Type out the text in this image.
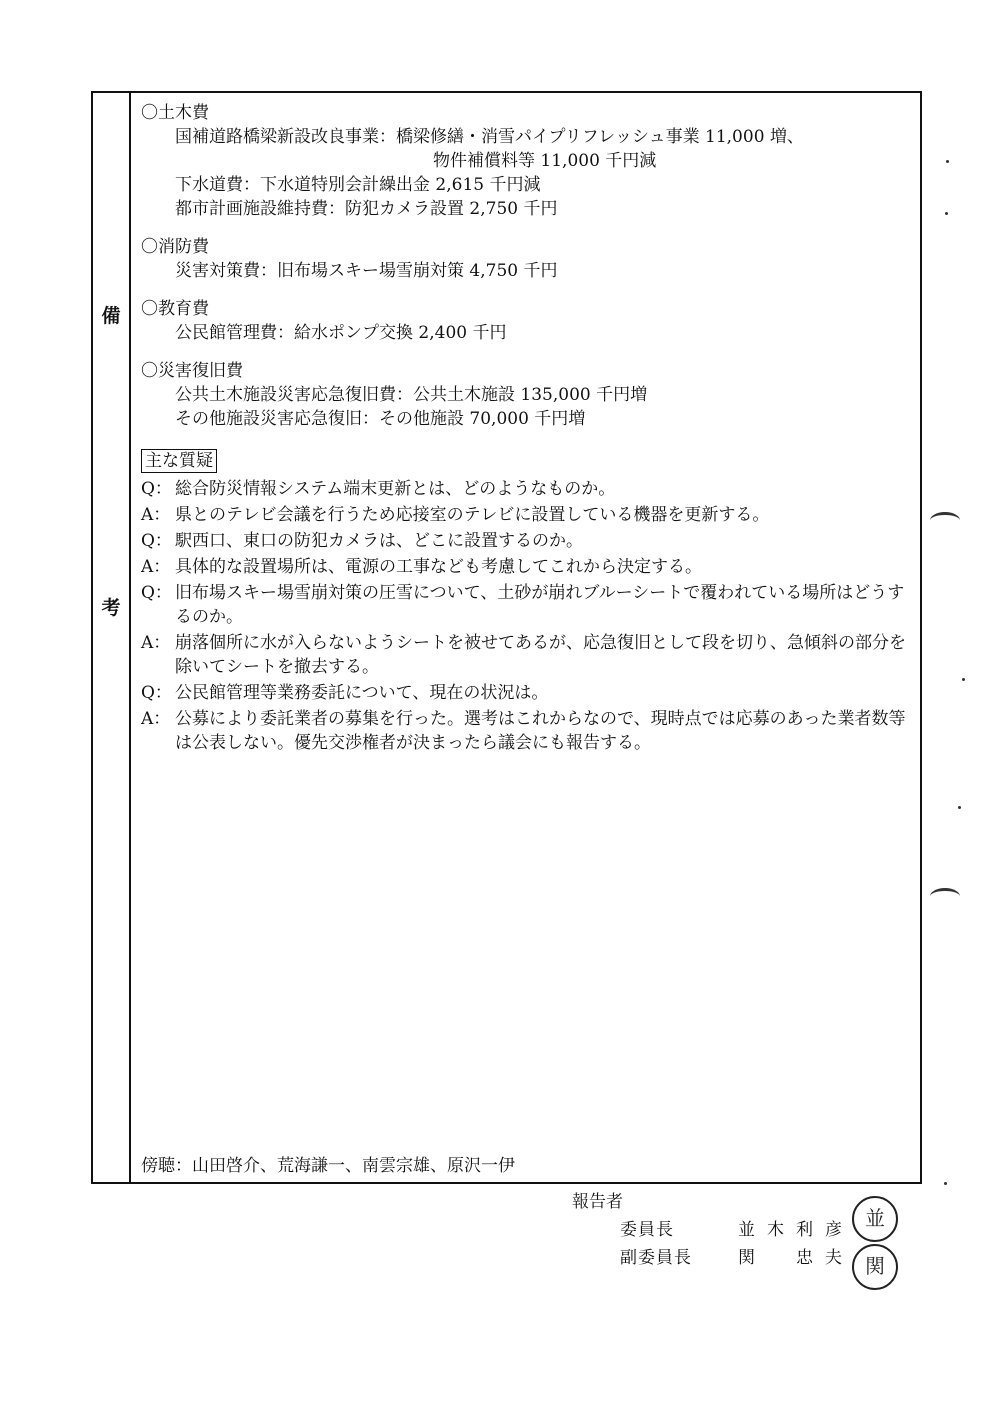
備
考
〇土木費
国補道路橋梁新設改良事業：橋梁修繕・消雪パイプリフレッシュ事業 11,000 増、
物件補償料等 11,000 千円減
下水道費：下水道特別会計繰出金 2,615 千円減
都市計画施設維持費：防犯カメラ設置 2,750 千円
〇消防費
災害対策費：旧布場スキー場雪崩対策 4,750 千円
〇教育費
公民館管理費：給水ポンプ交換 2,400 千円
〇災害復旧費
公共土木施設災害応急復旧費：公共土木施設 135,000 千円増
その他施設災害応急復旧：その他施設 70,000 千円増
主な質疑
Q： 総合防災情報システム端末更新とは、どのようなものか。
A： 県とのテレビ会議を行うため応接室のテレビに設置している機器を更新する。
Q： 駅西口、東口の防犯カメラは、どこに設置するのか。
A： 具体的な設置場所は、電源の工事なども考慮してこれから決定する。
Q： 旧布場スキー場雪崩対策の圧雪について、土砂が崩れブルーシートで覆われている場所はどうするのか。
A： 崩落個所に水が入らないようシートを被せてあるが、応急復旧として段を切り、急傾斜の部分を除いてシートを撤去する。
Q： 公民館管理等業務委託について、現在の状況は。
A： 公募により委託業者の募集を行った。選考はこれからなので、現時点では応募のあった業者数等は公表しない。優先交渉権者が決まったら議会にも報告する。
傍聴：山田啓介、荒海謙一、南雲宗雄、原沢一伊
報告者
委員長	並木利彦
副委員長	関　忠夫
並
関
